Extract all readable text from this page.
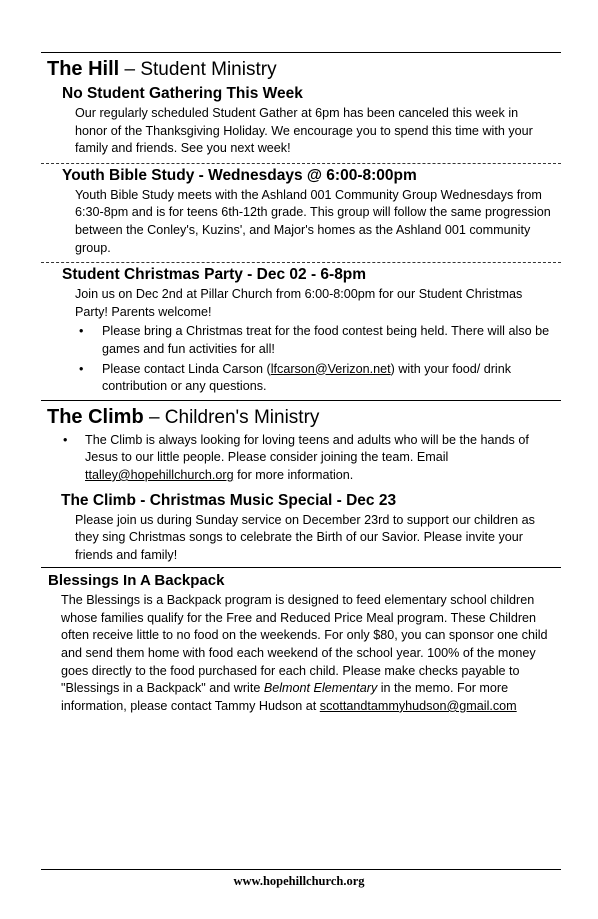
The Hill – Student Ministry
No Student Gathering This Week

Our regularly scheduled Student Gather at 6pm has been canceled this week in honor of the Thanksgiving Holiday. We encourage you to spend this time with your family and friends. See you next week!

Youth Bible Study - Wednesdays @ 6:00-8:00pm

Youth Bible Study meets with the Ashland 001 Community Group Wednesdays from 6:30-8pm and is for teens 6th-12th grade. This group will follow the same progression between the Conley's, Kuzins', and Major's homes as the Ashland 001 community group.

Student Christmas Party - Dec 02 - 6-8pm

Join us on Dec 2nd at Pillar Church from 6:00-8:00pm for our Student Christmas Party! Parents welcome!

• Please bring a Christmas treat for the food contest being held. There will also be games and fun activities for all!
• Please contact Linda Carson (lfcarson@Verizon.net) with your food/ drink contribution or any questions.
The Climb – Children's Ministry
• The Climb is always looking for loving teens and adults who will be the hands of Jesus to our little people. Please consider joining the team. Email ttalley@hopehillchurch.org for more information.
The Climb - Christmas Music Special - Dec 23

Please join us during Sunday service on December 23rd to support our children as they sing Christmas songs to celebrate the Birth of our Savior. Please invite your friends and family!

Blessings In A Backpack

The Blessings is a Backpack program is designed to feed elementary school children whose families qualify for the Free and Reduced Price Meal program. These Children often receive little to no food on the weekends. For only $80, you can sponsor one child and send them home with food each weekend of the school year. 100% of the money goes directly to the food purchased for each child. Please make checks payable to "Blessings in a Backpack" and write Belmont Elementary in the memo. For more information, please contact Tammy Hudson at scottandtammyhudson@gmail.com

www.hopehillchurch.org
